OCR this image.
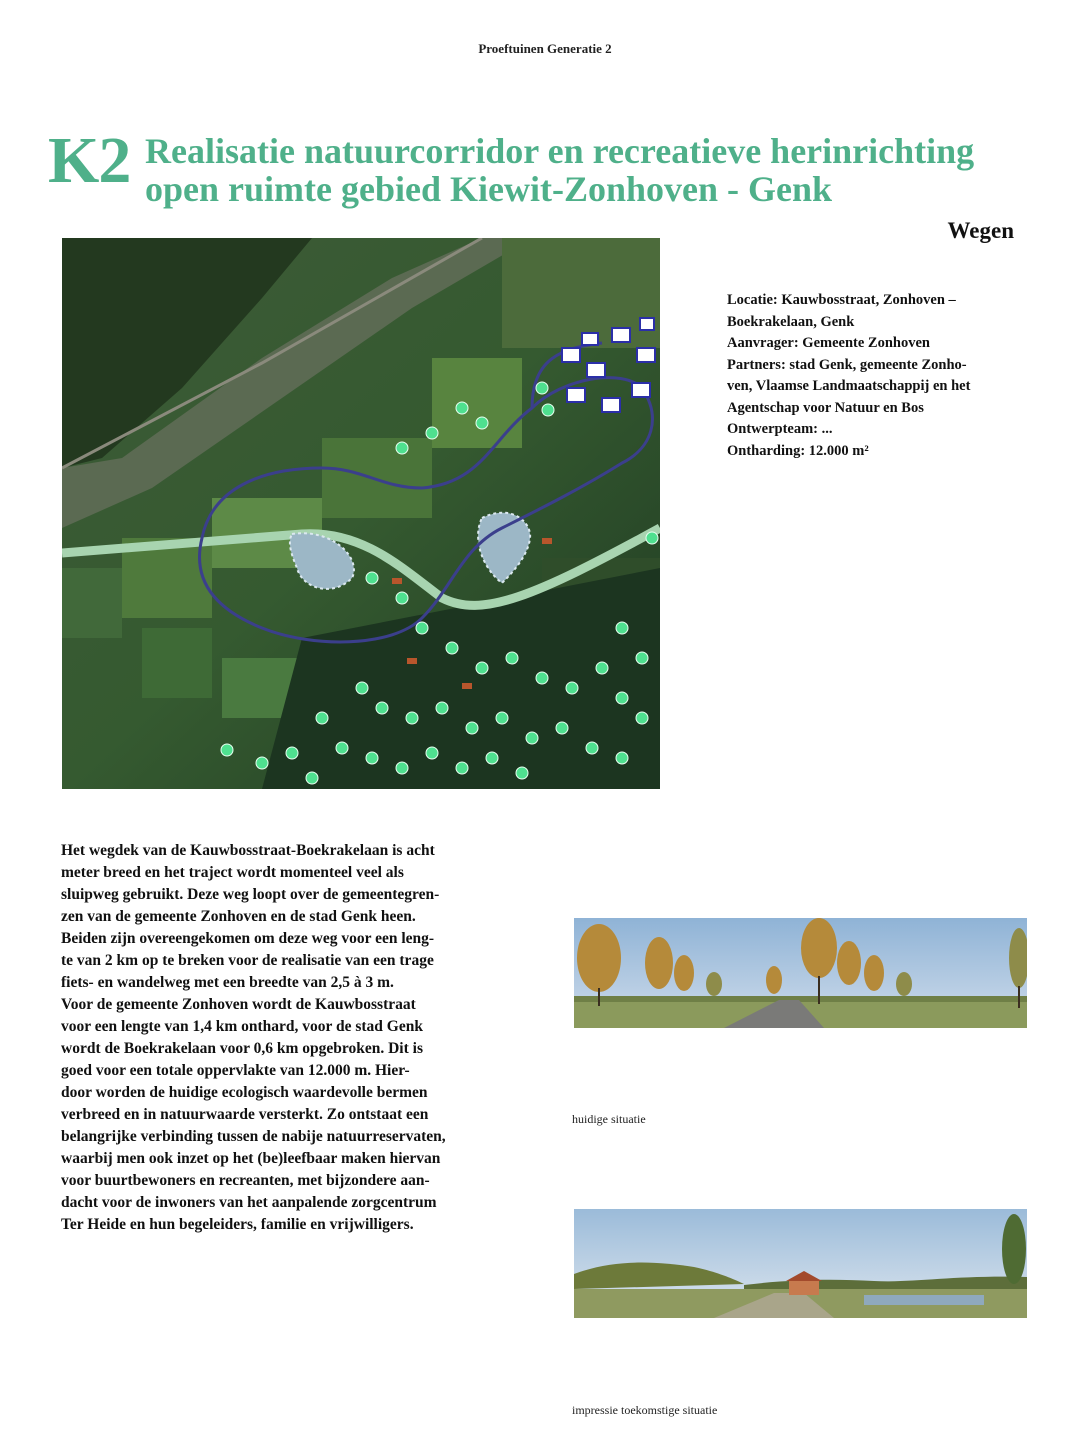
Proeftuinen Generatie 2
K2 Realisatie natuurcorridor en recreatieve herinrichting
open ruimte gebied Kiewit-Zonhoven - Genk
Wegen
Locatie: Kauwbosstraat, Zonhoven –
Boekrakelaan, Genk
Aanvrager: Gemeente Zonhoven
Partners: stad Genk, gemeente Zonho-
ven, Vlaamse Landmaatschappij en het
Agentschap voor Natuur en Bos
Ontwerpteam: ...
Ontharding: 12.000 m²
Het wegdek van de Kauwbosstraat-Boekrakelaan is acht
meter breed en het traject wordt momenteel veel als
sluipweg gebruikt. Deze weg loopt over de gemeentegren-
zen van de gemeente Zonhoven en de stad Genk heen.
Beiden zijn overeengekomen om deze weg voor een leng-
te van 2 km op te breken voor de realisatie van een trage
fiets- en wandelweg met een breedte van 2,5 à 3 m.
Voor de gemeente Zonhoven wordt de Kauwbosstraat
voor een lengte van 1,4 km onthard, voor de stad Genk
wordt de Boekrakelaan voor 0,6 km opgebroken. Dit is
goed voor een totale oppervlakte van 12.000 m. Hier-
door worden de huidige ecologisch waardevolle bermen
verbreed en in natuurwaarde versterkt. Zo ontstaat een
belangrijke verbinding tussen de nabije natuurreservaten,
waarbij men ook inzet op het (be)leefbaar maken hiervan
voor buurtbewoners en recreanten, met bijzondere aan-
dacht voor de inwoners van het aanpalende zorgcentrum
Ter Heide en hun begeleiders, familie en vrijwilligers.
huidige situatie
impressie toekomstige situatie
